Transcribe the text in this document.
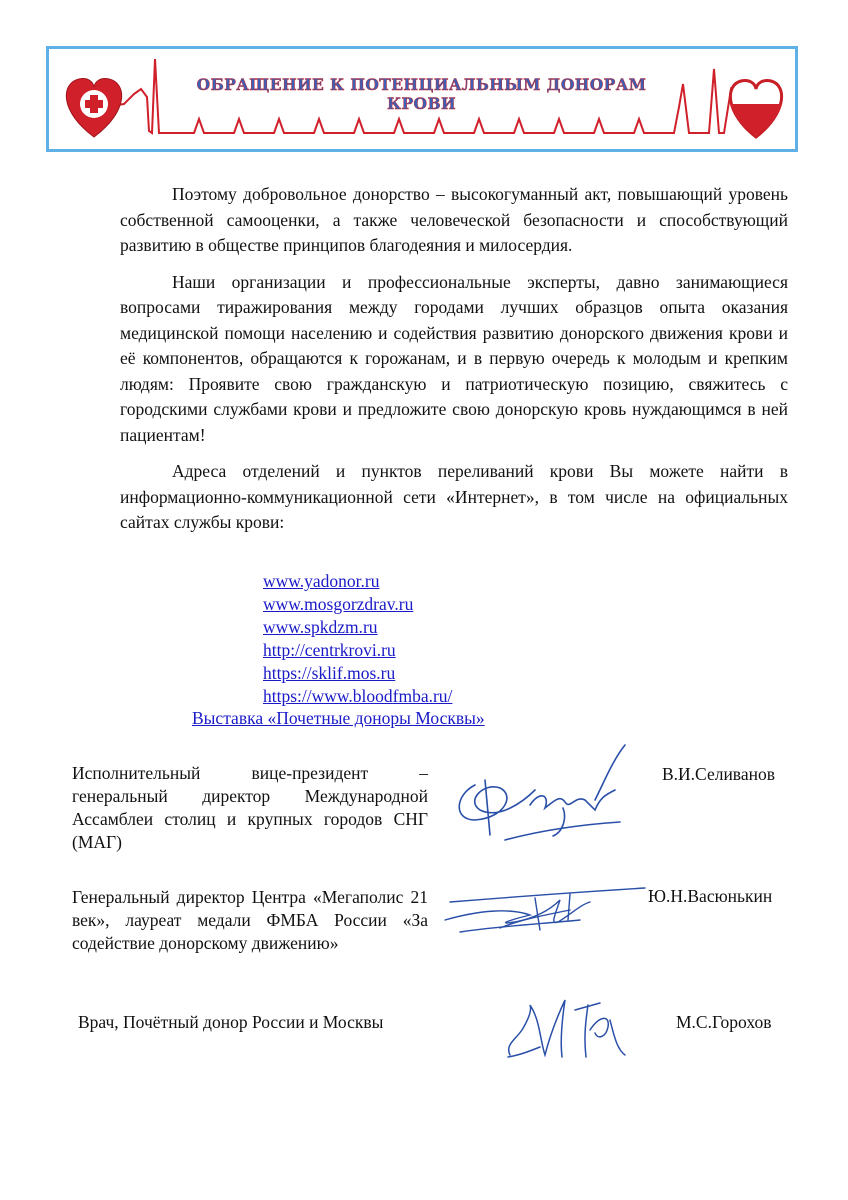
ОБРАЩЕНИЕ К ПОТЕНЦИАЛЬНЫМ ДОНОРАМ КРОВИ

Поэтому добровольное донорство – высокогуманный акт, повышающий уровень собственной самооценки, а также человеческой безопасности и способствующий развитию в обществе принципов благодеяния и милосердия.

Наши организации и профессиональные эксперты, давно занимающиеся вопросами тиражирования между городами лучших образцов опыта оказания медицинской помощи населению и содействия развитию донорского движения крови и её компонентов, обращаются к горожанам, и в первую очередь к молодым и крепким людям: Проявите свою гражданскую и патриотическую позицию, свяжитесь с городскими службами крови и предложите свою донорскую кровь нуждающимся в ней пациентам!

Адреса отделений и пунктов переливаний крови Вы можете найти в информационно-коммуникационной сети «Интернет», в том числе на официальных сайтах службы крови:

www.yadonor.ru
www.mosgorzdrav.ru
www.spkdzm.ru
http://centrkrovi.ru
https://sklif.mos.ru
https://www.bloodfmba.ru/
Выставка «Почетные доноры Москвы»
Исполнительный вице-президент – генеральный директор Международной Ассамблеи столиц и крупных городов СНГ (МАГ)
В.И.Селиванов
Генеральный директор Центра «Мегаполис 21 век», лауреат медали ФМБА России «За содействие донорскому движению»
Ю.Н.Васюнькин
Врач, Почётный донор России и Москвы	М.С.Горохов
